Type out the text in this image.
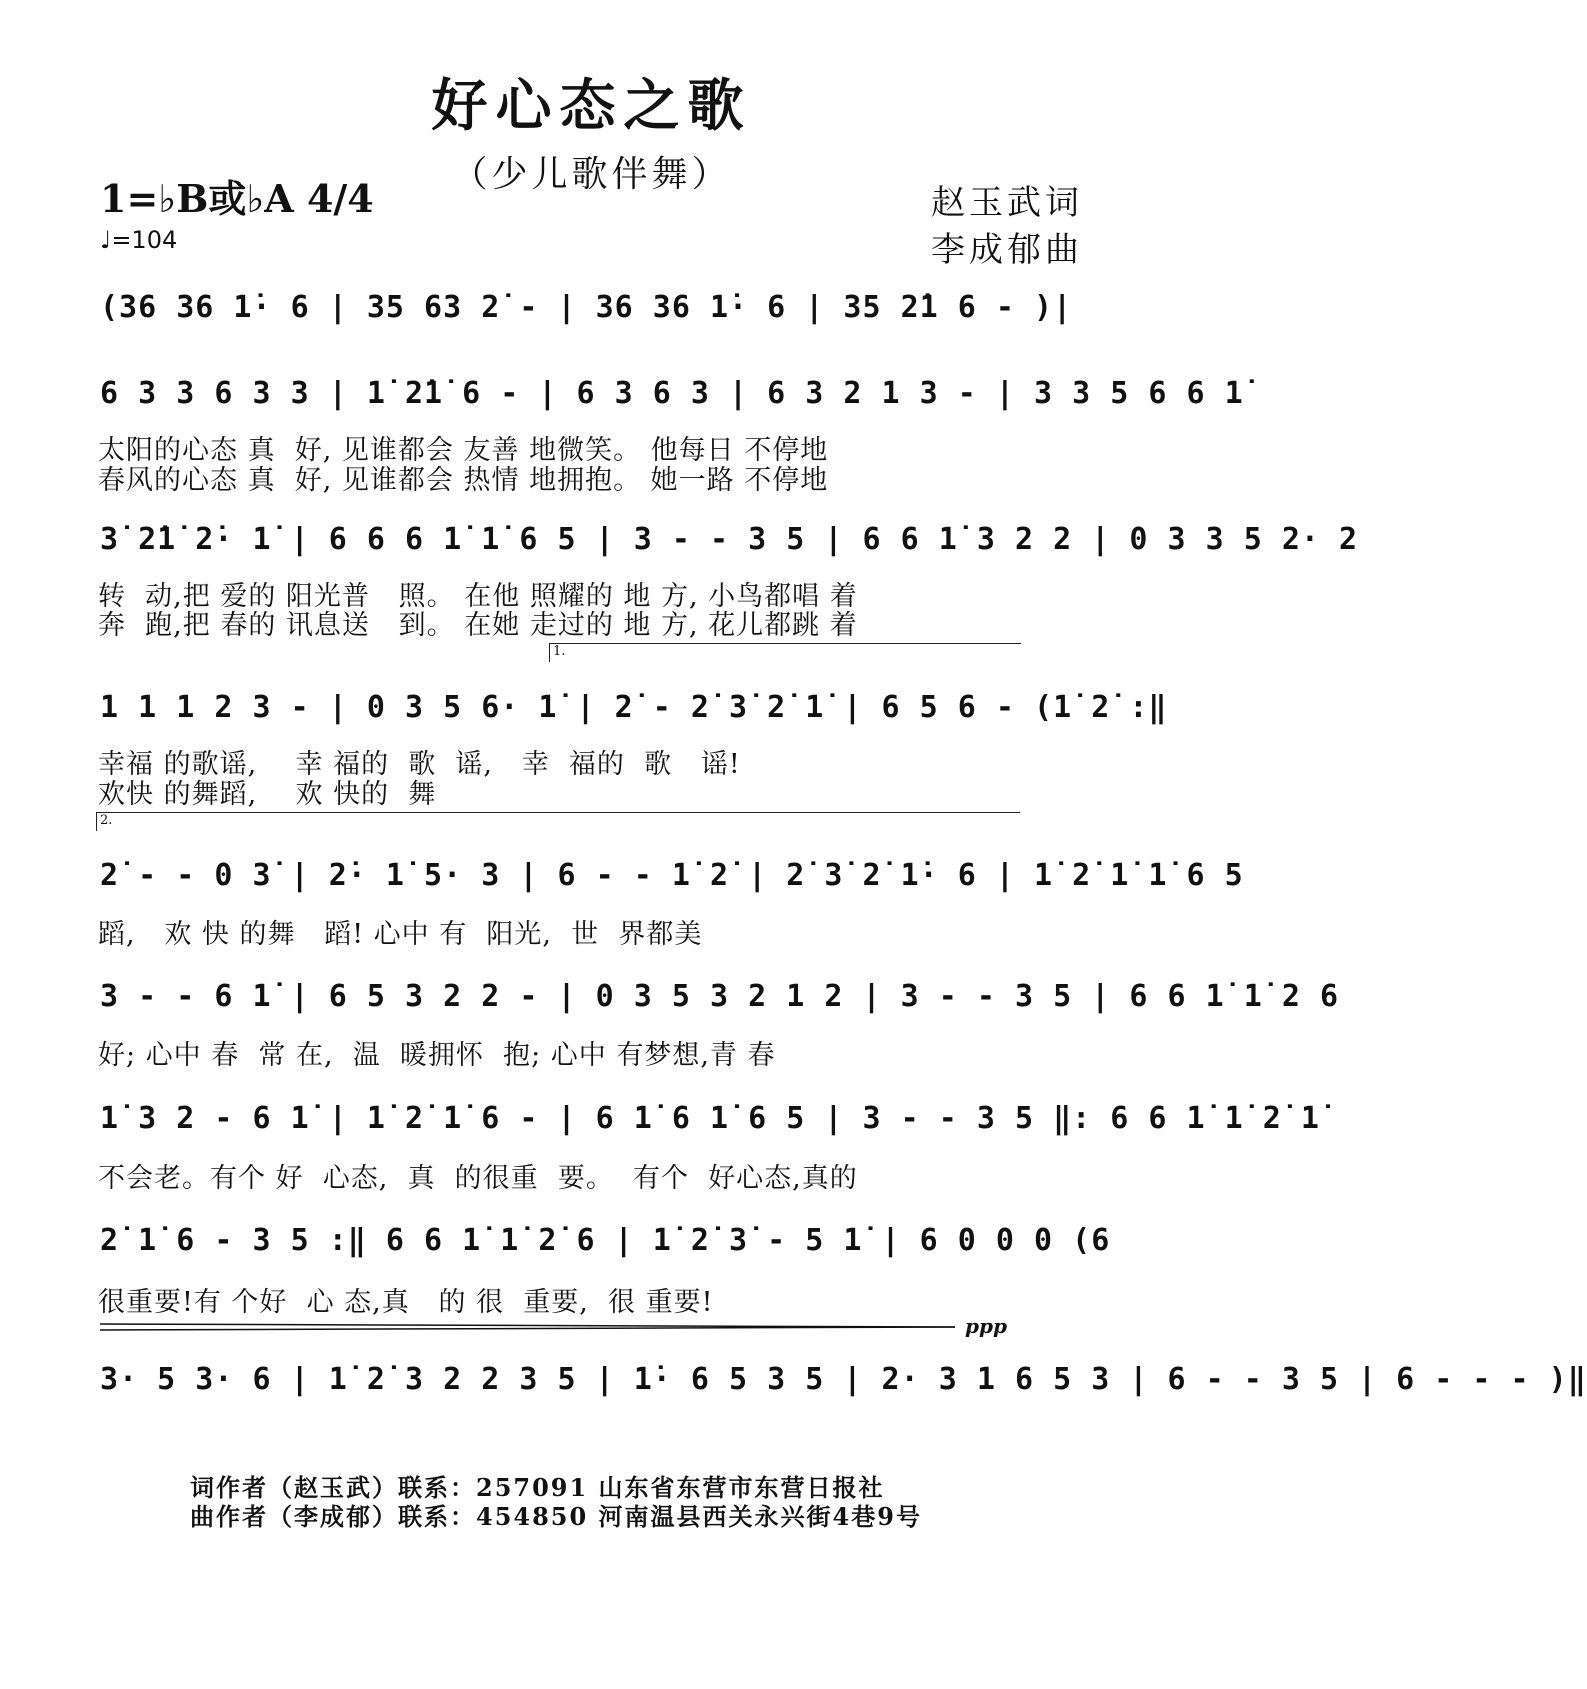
好心态之歌
（少儿歌伴舞）
1=♭B或♭A 4/4
♩=104
赵玉武词
李成郁曲
(36 36 1̇· 6 | 35 63 2̇ - | 36 36 1̇· 6 | 35 2̇1 6 - )|
6 3 3 6 3 3 | 1̇ 2̇1̇ 6 - | 6 3 6 3 | 6 3 2 1 3 - | 3 3 5 6 6 1̇
太阳的心态 真  好, 见谁都会 友善 地微笑。 他每日 不停地
春风的心态 真  好, 见谁都会 热情 地拥抱。 她一路 不停地
3̇ 2̇1̇ 2̇· 1̇ | 6 6 6 1̇ 1̇ 6 5 | 3 - - 3 5 | 6 6 1̇ 3 2 2 | 0 3 3 5 2· 2
转  动,把 爱的 阳光普   照。 在他 照耀的 地 方, 小鸟都唱 着
奔  跑,把 春的 讯息送   到。 在她 走过的 地 方, 花儿都跳 着
1.
1 1 1 2 3 - | 0 3 5 6· 1̇ | 2̇ - 2̇ 3̇ 2̇ 1̇ | 6 5 6 - (1̇ 2̇ :‖
幸福 的歌谣,    幸 福的  歌  谣,   幸  福的  歌   谣!
欢快 的舞蹈,    欢 快的  舞
2.
2̇ - - 0 3̇ | 2̇· 1̇ 5· 3 | 6 - - 1̇ 2̇ | 2̇ 3̇ 2̇ 1̇· 6 | 1̇ 2̇ 1̇ 1̇ 6 5
蹈,   欢 快 的舞   蹈! 心中 有  阳光,  世  界都美
3 - - 6 1̇ | 6 5 3 2 2 - | 0 3 5 3 2 1 2 | 3 - - 3 5 | 6 6 1̇ 1̇ 2 6
好; 心中 春  常 在,  温  暖拥怀  抱; 心中 有梦想,青 春
1̇ 3 2 - 6 1̇ | 1̇ 2̇ 1̇ 6 - | 6 1̇ 6 1̇ 6 5 | 3 - - 3 5 ‖: 6 6 1̇ 1̇ 2̇ 1̇
不会老。有个 好  心态,  真  的很重  要。  有个  好心态,真的
2̇ 1̇ 6 - 3 5 :‖ 6 6 1̇ 1̇ 2̇ 6 | 1̇ 2̇ 3̇ - 5 1̇ | 6 0 0 0 (6
很重要!有 个好  心 态,真   的 很  重要,  很 重要!
ppp
3· 5 3· 6 | 1̇ 2̇ 3 2 2 3 5 | 1̇· 6 5 3 5 | 2· 3 1 6 5 3 | 6 - - 3 5 | 6 - - - )‖
词作者（赵玉武）联系：257091 山东省东营市东营日报社
曲作者（李成郁）联系：454850 河南温县西关永兴街4巷9号
